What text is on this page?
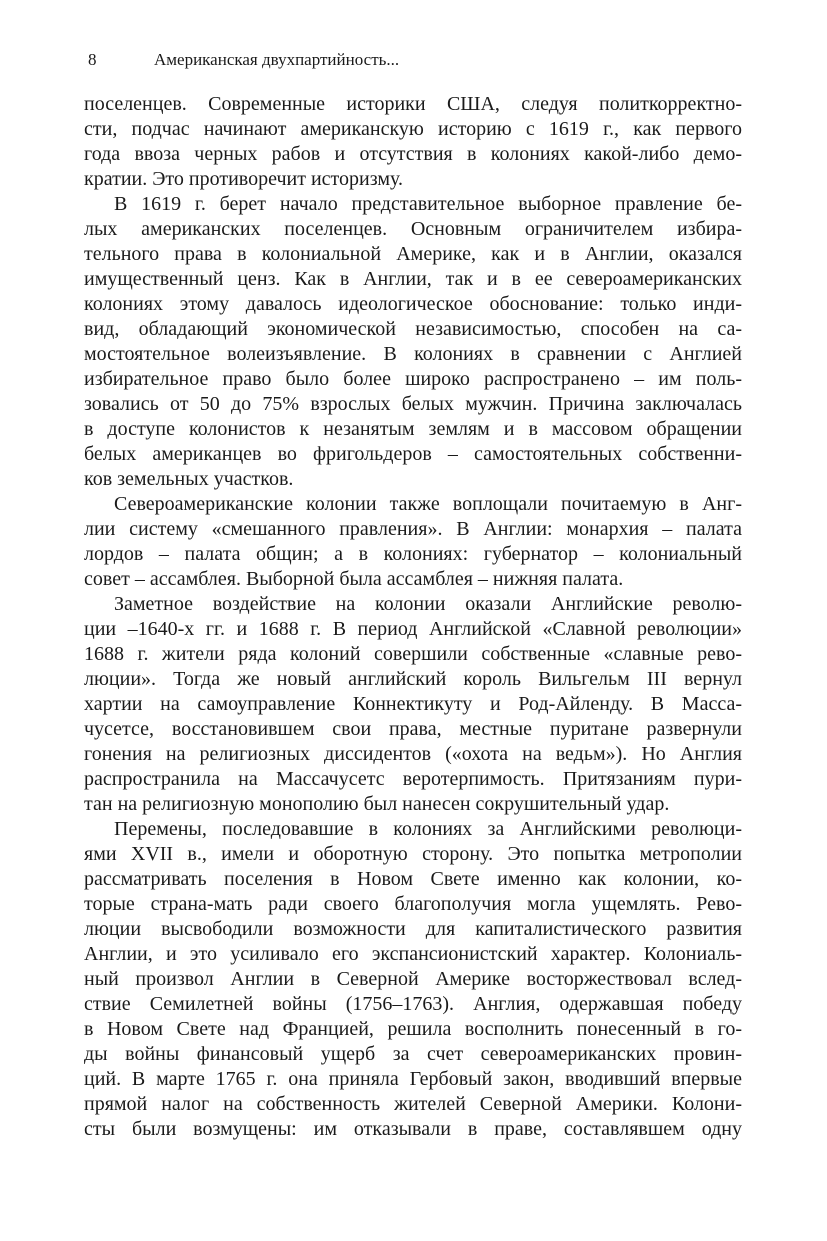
8	Американская двухпартийность...
поселенцев. Современные историки США, следуя политкорректно-
сти, подчас начинают американскую историю с 1619 г., как первого
года ввоза черных рабов и отсутствия в колониях какой-либо демо-
кратии. Это противоречит историзму.
В 1619 г. берет начало представительное выборное правление бе-
лых американских поселенцев. Основным ограничителем избира-
тельного права в колониальной Америке, как и в Англии, оказался
имущественный ценз. Как в Англии, так и в ее североамериканских
колониях этому давалось идеологическое обоснование: только инди-
вид, обладающий экономической независимостью, способен на са-
мостоятельное волеизъявление. В колониях в сравнении с Англией
избирательное право было более широко распространено – им поль-
зовались от 50 до 75% взрослых белых мужчин. Причина заключалась
в доступе колонистов к незанятым землям и в массовом обращении
белых американцев во фригольдеров – самостоятельных собственни-
ков земельных участков.
Североамериканские колонии также воплощали почитаемую в Анг-
лии систему «смешанного правления». В Англии: монархия – палата
лордов – палата общин; а в колониях: губернатор – колониальный
совет – ассамблея. Выборной была ассамблея – нижняя палата.
Заметное воздействие на колонии оказали Английские револю-
ции –1640-х гг. и 1688 г. В период Английской «Славной революции»
1688 г. жители ряда колоний совершили собственные «славные рево-
люции». Тогда же новый английский король Вильгельм III вернул
хартии на самоуправление Коннектикуту и Род-Айленду. В Масса-
чусетсе, восстановившем свои права, местные пуритане развернули
гонения на религиозных диссидентов («охота на ведьм»). Но Англия
распространила на Массачусетс веротерпимость. Притязаниям пури-
тан на религиозную монополию был нанесен сокрушительный удар.
Перемены, последовавшие в колониях за Английскими революци-
ями XVII в., имели и оборотную сторону. Это попытка метрополии
рассматривать поселения в Новом Свете именно как колонии, ко-
торые страна-мать ради своего благополучия могла ущемлять. Рево-
люции высвободили возможности для капиталистического развития
Англии, и это усиливало его экспансионистский характер. Колониаль-
ный произвол Англии в Северной Америке восторжествовал вслед-
ствие Семилетней войны (1756–1763). Англия, одержавшая победу
в Новом Свете над Францией, решила восполнить понесенный в го-
ды войны финансовый ущерб за счет североамериканских провин-
ций. В марте 1765 г. она приняла Гербовый закон, вводивший впервые
прямой налог на собственность жителей Северной Америки. Колони-
сты были возмущены: им отказывали в праве, составлявшем одну
